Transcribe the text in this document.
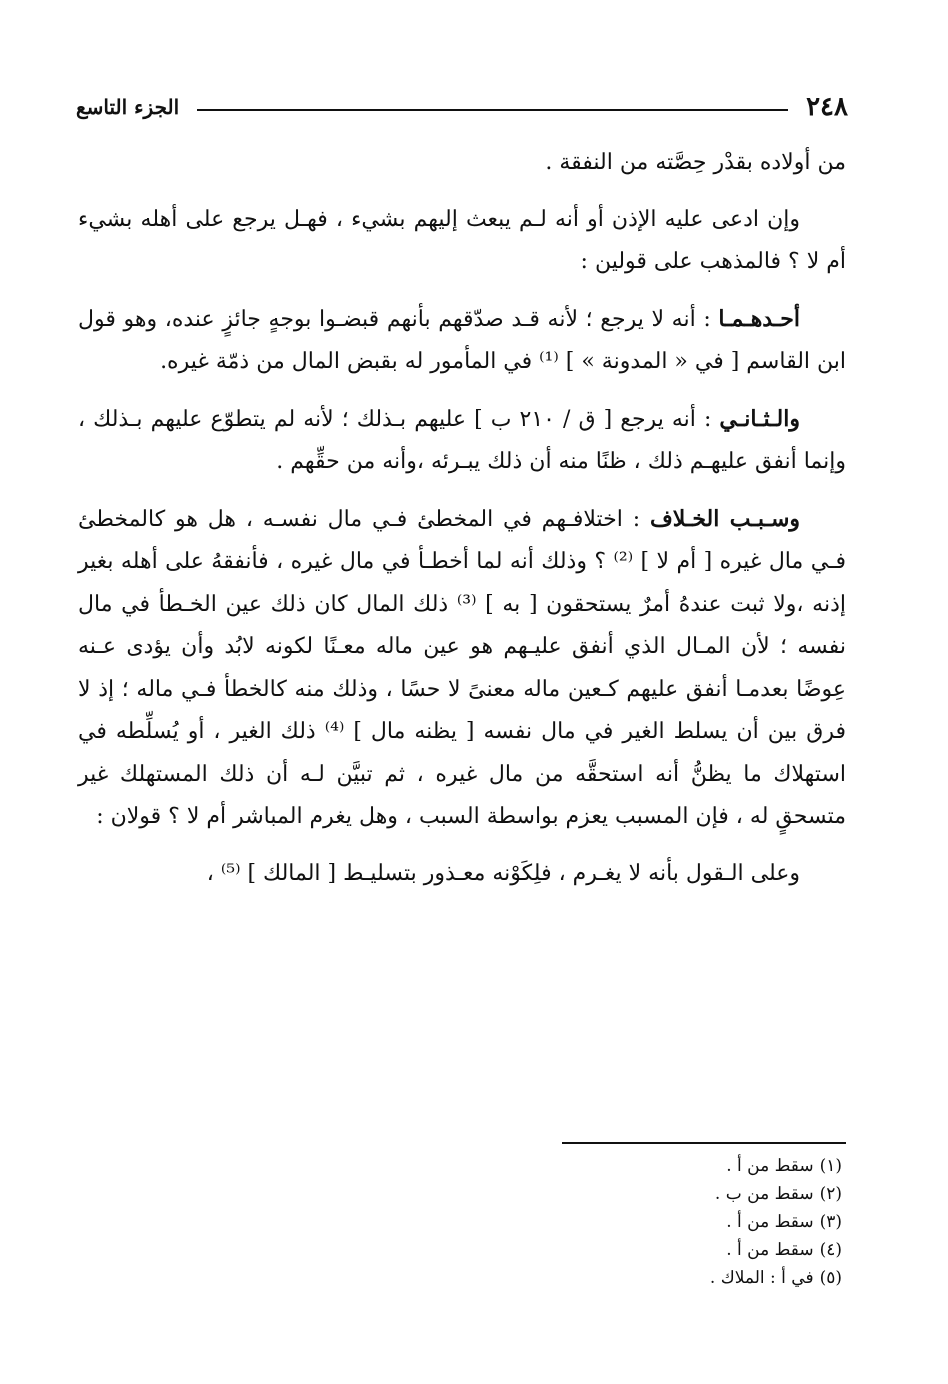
٢٤٨
الجزء التاسع

من أولاده بقدْر حِصَّته من النفقة .

وإن ادعى عليه الإذن أو أنه لـم يبعث إليهم بشيء ، فهـل يرجع على أهله بشيء أم لا ؟ فالمذهب على قولين :

أحـدهـمـا : أنه لا يرجع ؛ لأنه قـد صدّقهم بأنهم قبضـوا بوجهٍ جائزٍ عنده، وهو قول ابن القاسم [ في « المدونة » ] ⁽¹⁾ في المأمور له بقبض المال من ذمّة غيره.

والـثـانـي : أنه يرجع [ ق / ٢١٠ ب ] عليهم بـذلك ؛ لأنه لم يتطوّع عليهم بـذلك ، وإنما أنفق عليهـم ذلك ، ظنًا منه أن ذلك يبـرئه ،وأنه من حقِّهم .

وسـبـب الخـلاف : اختلافـهم في المخطئ فـي مال نفسـه ، هل هو كالمخطئ فـي مال غيره [ أم لا ] ⁽²⁾ ؟ وذلك أنه لما أخطـأ في مال غيره ، فأنفقهُ على أهله بغير إذنه ،ولا ثبت عندهُ أمرٌ يستحقون [ به ] ⁽³⁾ ذلك المال كان ذلك عين الخـطأ في مال نفسه ؛ لأن المـال الذي أنفق عليـهم هو عين ماله معـنًا لكونه لابُد وأن يؤدى عـنه عِوضًا بعدمـا أنفق عليهم كـعين ماله معنىً لا حسًا ، وذلك منه كالخطأ فـي ماله ؛ إذ لا فرق بين أن يسلط الغير في مال نفسه [ يظنه مال ] ⁽⁴⁾ ذلك الغير ، أو يُسلِّطه في استهلاك ما يظنُّ أنه استحقَّه من مال غيره ، ثم تبيَّن لـه أن ذلك المستهلك غير متسحقٍ له ، فإن المسبب يعزم بواسطة السبب ، وهل يغرم المباشر أم لا ؟ قولان :

وعلى الـقول بأنه لا يغـرم ، فلِكَوْنه معـذور بتسليـط [ المالك ] ⁽⁵⁾ ،

(١)سقط من أ .
(٢)سقط من ب .
(٣)سقط من أ .
(٤)سقط من أ .
(٥)في أ : الملاك .
